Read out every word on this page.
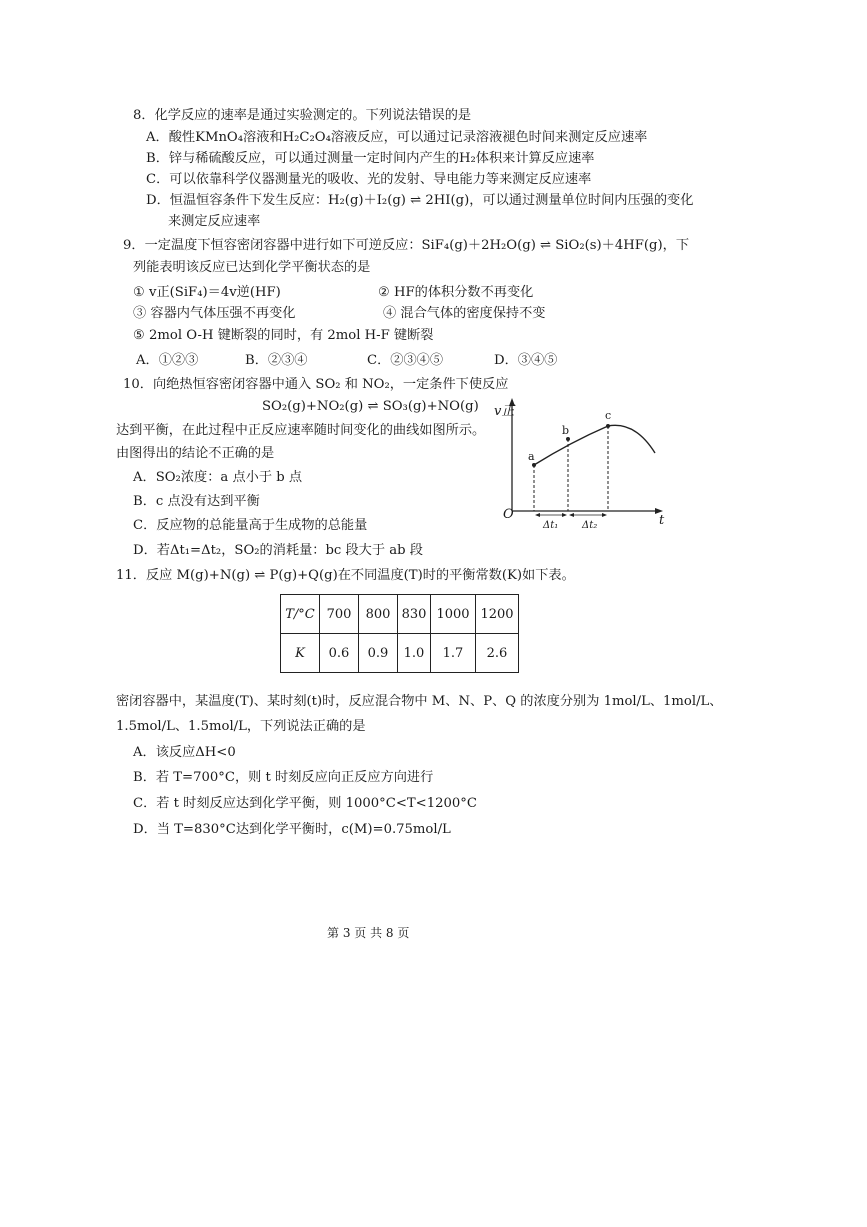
8．化学反应的速率是通过实验测定的。下列说法错误的是
A．酸性KMnO₄溶液和H₂C₂O₄溶液反应，可以通过记录溶液褪色时间来测定反应速率
B．锌与稀硫酸反应，可以通过测量一定时间内产生的H₂体积来计算反应速率
C．可以依靠科学仪器测量光的吸收、光的发射、导电能力等来测定反应速率
D．恒温恒容条件下发生反应：H₂(g)＋I₂(g) ⇌ 2HI(g)，可以通过测量单位时间内压强的变化
来测定反应速率
9．一定温度下恒容密闭容器中进行如下可逆反应：SiF₄(g)＋2H₂O(g) ⇌ SiO₂(s)＋4HF(g)，下
列能表明该反应已达到化学平衡状态的是
① v正(SiF₄)＝4v逆(HF)	② HF的体积分数不再变化
③ 容器内气体压强不再变化	④ 混合气体的密度保持不变
⑤ 2mol O-H 键断裂的同时，有 2mol H-F 键断裂
A．①②③	B．②③④	C．②③④⑤	D．③④⑤
10．向绝热恒容密闭容器中通入 SO₂ 和 NO₂，一定条件下使反应
SO₂(g)+NO₂(g) ⇌ SO₃(g)+NO(g)
达到平衡，在此过程中正反应速率随时间变化的曲线如图所示。
由图得出的结论不正确的是
A．SO₂浓度：a 点小于 b 点
B．c 点没有达到平衡
C．反应物的总能量高于生成物的总能量
D．若Δt₁=Δt₂，SO₂的消耗量：bc 段大于 ab 段
v正
t
O
a
b
c
Δt₁ Δt₂
11．反应 M(g)+N(g) ⇌ P(g)+Q(g)在不同温度(T)时的平衡常数(K)如下表。
T/°C	700	800	830	1000	1200
K	0.6	0.9	1.0	1.7	2.6
密闭容器中，某温度(T)、某时刻(t)时，反应混合物中 M、N、P、Q 的浓度分别为 1mol/L、1mol/L、
1.5mol/L、1.5mol/L，下列说法正确的是
A．该反应ΔH<0
B．若 T=700°C，则 t 时刻反应向正反应方向进行
C．若 t 时刻反应达到化学平衡，则 1000°C<T<1200°C
D．当 T=830°C达到化学平衡时，c(M)=0.75mol/L
第 3 页 共 8 页
